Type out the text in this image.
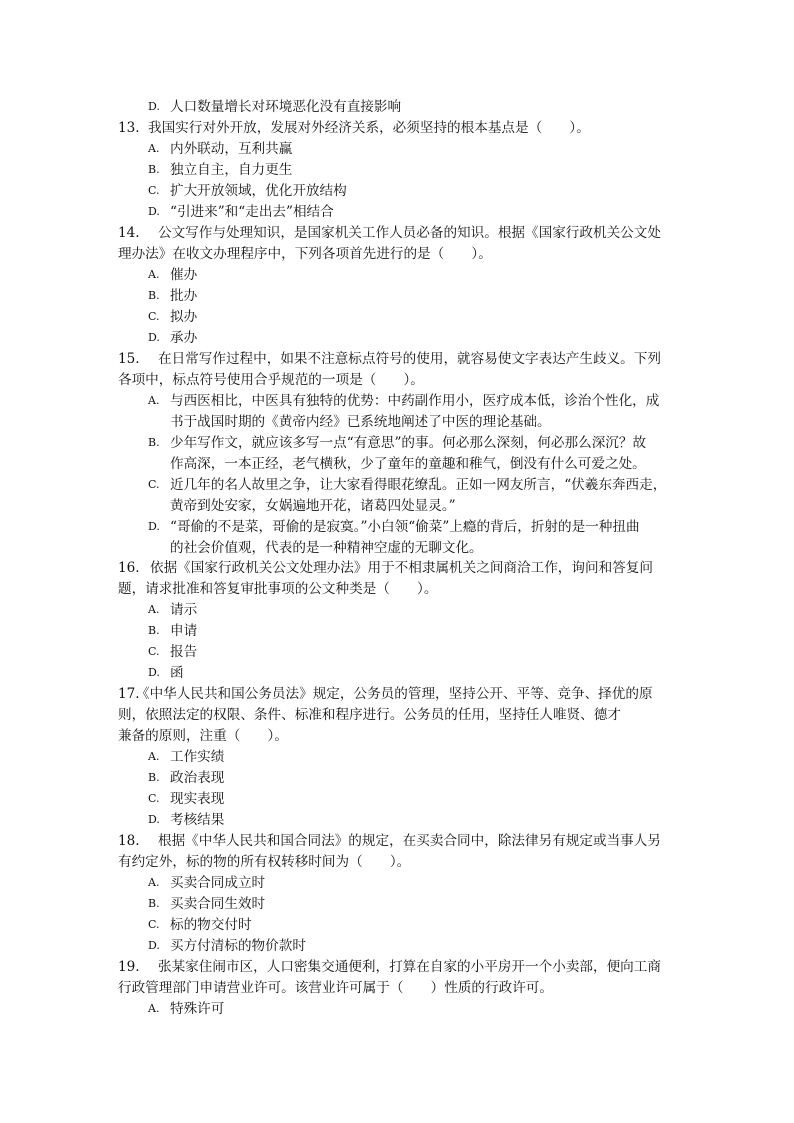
D. 人口数量增长对环境恶化没有直接影响
13. 我国实行对外开放，发展对外经济关系，必须坚持的根本基点是（　　）。
A. 内外联动，互利共赢
B. 独立自主，自力更生
C. 扩大开放领域，优化开放结构
D. “引进来”和“走出去”相结合
14. 公文写作与处理知识，是国家机关工作人员必备的知识。根据《国家行政机关公文处
理办法》在收文办理程序中，下列各项首先进行的是（　　）。
A. 催办
B. 批办
C. 拟办
D. 承办
15. 在日常写作过程中，如果不注意标点符号的使用，就容易使文字表达产生歧义。下列
各项中，标点符号使用合乎规范的一项是（　　）。
A. 与西医相比，中医具有独特的优势：中药副作用小，医疗成本低，诊治个性化，成
书于战国时期的《黄帝内经》已系统地阐述了中医的理论基础。
B. 少年写作文，就应该多写一点“有意思”的事。何必那么深刻，何必那么深沉？故
作高深，一本正经，老气横秋，少了童年的童趣和稚气，倒没有什么可爱之处。
C. 近几年的名人故里之争，让大家看得眼花缭乱。正如一网友所言，“伏羲东奔西走，
黄帝到处安家，女娲遍地开花，诸葛四处显灵。”
D. “哥偷的不是菜，哥偷的是寂寞。”小白领“偷菜”上瘾的背后，折射的是一种扭曲
的社会价值观，代表的是一种精神空虚的无聊文化。
16. 依据《国家行政机关公文处理办法》用于不相隶属机关之间商洽工作，询问和答复问
题，请求批准和答复审批事项的公文种类是（　　）。
A. 请示
B. 申请
C. 报告
D. 函
17.
《中华人民共和国公务员法》规定，公务员的管理，坚持公开、平等、竞争、择优的原
则，依照法定的权限、条件、标准和程序进行。公务员的任用，坚持任人唯贤、德才
兼备的原则，注重（　　）。
A. 工作实绩
B. 政治表现
C. 现实表现
D. 考核结果
18. 根据《中华人民共和国合同法》的规定，在买卖合同中，除法律另有规定或当事人另
有约定外，标的物的所有权转移时间为（　　）。
A. 买卖合同成立时
B. 买卖合同生效时
C. 标的物交付时
D. 买方付清标的物价款时
19. 张某家住闹市区，人口密集交通便利，打算在自家的小平房开一个小卖部，便向工商
行政管理部门申请营业许可。该营业许可属于（　　）性质的行政许可。
A. 特殊许可
